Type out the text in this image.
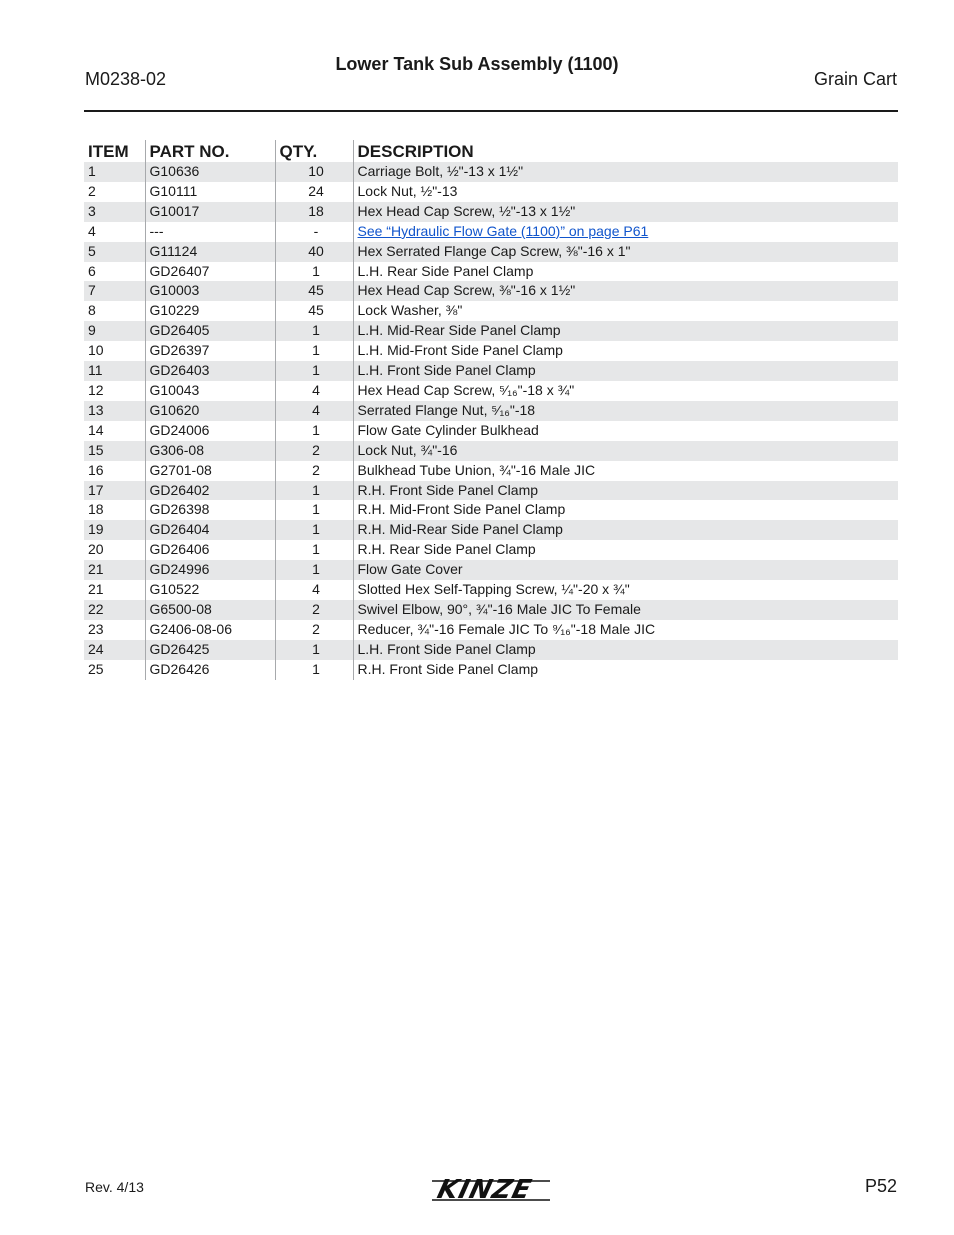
M0238-02
Lower Tank Sub Assembly (1100)
Grain Cart
ITEM	PART NO.	QTY.	DESCRIPTION
1	G10636	10	Carriage Bolt, ½"-13 x 1½"
2	G10111	24	Lock Nut, ½"-13
3	G10017	18	Hex Head Cap Screw, ½"-13 x 1½"
4	---	-	See “Hydraulic Flow Gate (1100)” on page P61
5	G11124	40	Hex Serrated Flange Cap Screw, ⅜"-16 x 1"
6	GD26407	1	L.H. Rear Side Panel Clamp
7	G10003	45	Hex Head Cap Screw, ⅜"-16 x 1½"
8	G10229	45	Lock Washer, ⅜"
9	GD26405	1	L.H. Mid-Rear Side Panel Clamp
10	GD26397	1	L.H. Mid-Front Side Panel Clamp
11	GD26403	1	L.H. Front Side Panel Clamp
12	G10043	4	Hex Head Cap Screw, ⁵⁄₁₆"-18 x ¾"
13	G10620	4	Serrated Flange Nut, ⁵⁄₁₆"-18
14	GD24006	1	Flow Gate Cylinder Bulkhead
15	G306-08	2	Lock Nut, ¾"-16
16	G2701-08	2	Bulkhead Tube Union, ¾"-16 Male JIC
17	GD26402	1	R.H. Front Side Panel Clamp
18	GD26398	1	R.H. Mid-Front Side Panel Clamp
19	GD26404	1	R.H. Mid-Rear Side Panel Clamp
20	GD26406	1	R.H. Rear Side Panel Clamp
21	GD24996	1	Flow Gate Cover
21	G10522	4	Slotted Hex Self-Tapping Screw, ¼"-20 x ¾"
22	G6500-08	2	Swivel Elbow, 90°, ¾"-16 Male JIC To Female
23	G2406-08-06	2	Reducer, ¾"-16 Female JIC To ⁹⁄₁₆"-18 Male JIC
24	GD26425	1	L.H. Front Side Panel Clamp
25	GD26426	1	R.H. Front Side Panel Clamp
Rev. 4/13	KINZE	P52
